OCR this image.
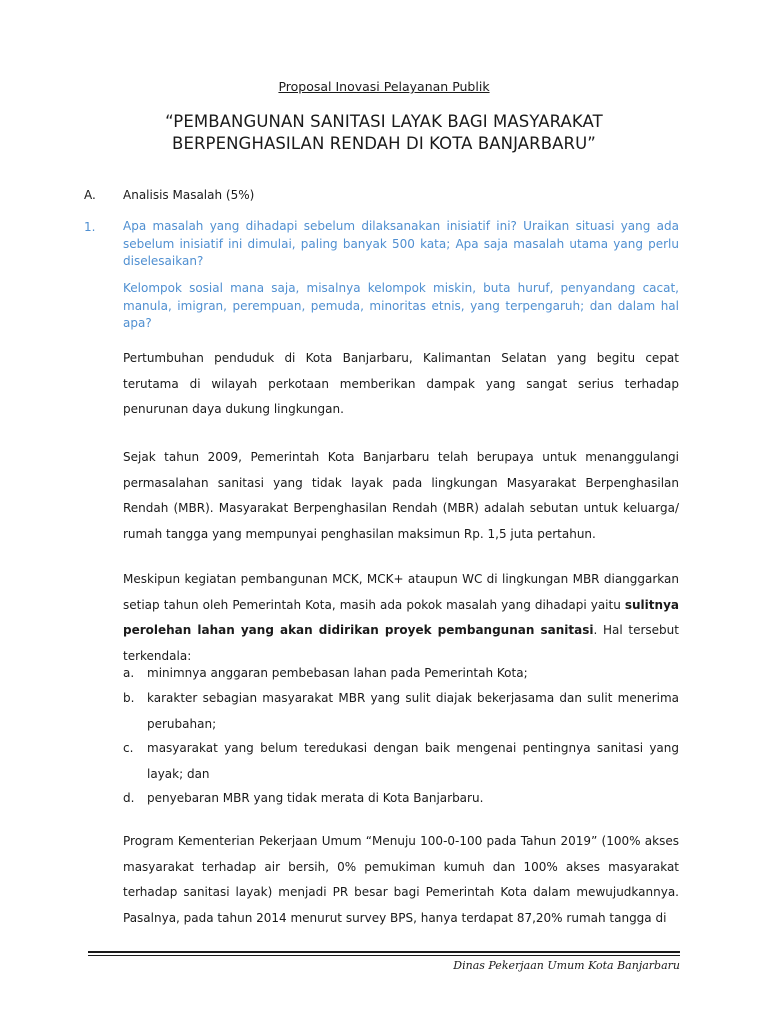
Proposal Inovasi Pelayanan Publik
“PEMBANGUNAN SANITASI LAYAK BAGI MASYARAKAT
BERPENGHASILAN RENDAH DI KOTA BANJARBARU”
A. Analisis Masalah (5%)
1. Apa masalah yang dihadapi sebelum dilaksanakan inisiatif ini? Uraikan situasi yang ada sebelum inisiatif ini dimulai, paling banyak 500 kata; Apa saja masalah utama yang perlu diselesaikan?
Kelompok sosial mana saja, misalnya kelompok miskin, buta huruf, penyandang cacat, manula, imigran, perempuan, pemuda, minoritas etnis, yang terpengaruh; dan dalam hal apa?
Pertumbuhan penduduk di Kota Banjarbaru, Kalimantan Selatan yang begitu cepat terutama di wilayah perkotaan memberikan dampak yang sangat serius terhadap penurunan daya dukung lingkungan.
Sejak tahun 2009, Pemerintah Kota Banjarbaru telah berupaya untuk menanggulangi permasalahan sanitasi yang tidak layak pada lingkungan Masyarakat Berpenghasilan Rendah (MBR). Masyarakat Berpenghasilan Rendah (MBR) adalah sebutan untuk keluarga/ rumah tangga yang mempunyai penghasilan maksimun Rp. 1,5 juta pertahun.
Meskipun kegiatan pembangunan MCK, MCK+ ataupun WC di lingkungan MBR dianggarkan setiap tahun oleh Pemerintah Kota, masih ada pokok masalah yang dihadapi yaitu sulitnya perolehan lahan yang akan didirikan proyek pembangunan sanitasi. Hal tersebut terkendala:
a. minimnya anggaran pembebasan lahan pada Pemerintah Kota;
b. karakter sebagian masyarakat MBR yang sulit diajak bekerjasama dan sulit menerima perubahan;
c. masyarakat yang belum teredukasi dengan baik mengenai pentingnya sanitasi yang layak; dan
d. penyebaran MBR yang tidak merata di Kota Banjarbaru.
Program Kementerian Pekerjaan Umum “Menuju 100-0-100 pada Tahun 2019” (100% akses masyarakat terhadap air bersih, 0% pemukiman kumuh dan 100% akses masyarakat terhadap sanitasi layak) menjadi PR besar bagi Pemerintah Kota dalam mewujudkannya. Pasalnya, pada tahun 2014 menurut survey BPS, hanya terdapat 87,20% rumah tangga di
Dinas Pekerjaan Umum Kota Banjarbaru
